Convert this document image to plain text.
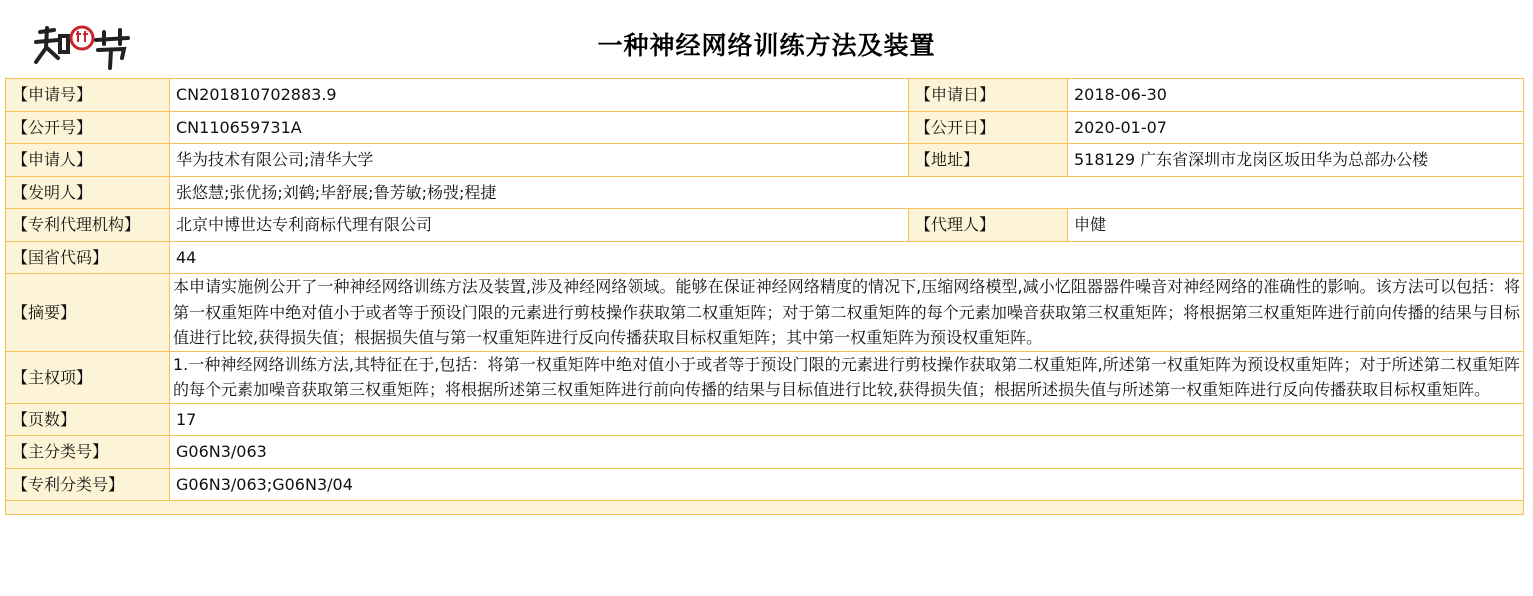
一种神经网络训练方法及装置
【申请号】	CN201810702883.9	【申请日】	2018-06-30
【公开号】	CN110659731A	【公开日】	2020-01-07
【申请人】	华为技术有限公司;清华大学	【地址】	518129 广东省深圳市龙岗区坂田华为总部办公楼
【发明人】	张悠慧;张优扬;刘鹤;毕舒展;鲁芳敏;杨弢;程捷		
【专利代理机构】	北京中博世达专利商标代理有限公司	【代理人】	申健
【国省代码】	44		
【摘要】	本申请实施例公开了一种神经网络训练方法及装置,涉及神经网络领域。能够在保证神经网络精度的情况下,压缩网络模型,减小忆阻器器件噪音对神经网络的准确性的影响。该方法可以包括：将第一权重矩阵中绝对值小于或者等于预设门限的元素进行剪枝操作获取第二权重矩阵；对于第二权重矩阵的每个元素加噪音获取第三权重矩阵；将根据第三权重矩阵进行前向传播的结果与目标值进行比较,获得损失值；根据损失值与第一权重矩阵进行反向传播获取目标权重矩阵；其中第一权重矩阵为预设权重矩阵。		
【主权项】	1.一种神经网络训练方法,其特征在于,包括：将第一权重矩阵中绝对值小于或者等于预设门限的元素进行剪枝操作获取第二权重矩阵,所述第一权重矩阵为预设权重矩阵；对于所述第二权重矩阵的每个元素加噪音获取第三权重矩阵；将根据所述第三权重矩阵进行前向传播的结果与目标值进行比较,获得损失值；根据所述损失值与所述第一权重矩阵进行反向传播获取目标权重矩阵。		
【页数】	17		
【主分类号】	G06N3/063		
【专利分类号】	G06N3/063;G06N3/04		
